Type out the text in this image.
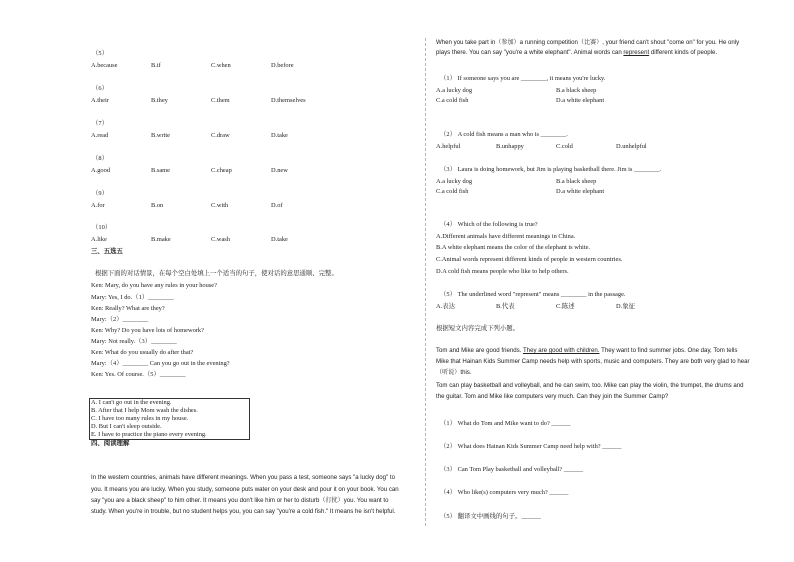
（5）
A.because	B.if	C.when	D.before
（6）
A.their	B.they	C.them	D.themselves
（7）
A.read	B.write	C.draw	D.take
（8）
A.good	B.same	C.cheap	D.new
（9）
A.for	B.on	C.with	D.of
（10）
A.like	B.make	C.wash	D.take
三、五选五
根据下面的对话情景，在每个空白处填上一个适当的句子，使对话的意思通顺、完整。
Ken: Mary, do you have any rules in your house?
Mary: Yes, I do.（1）________
Ken: Really? What are they?
Mary:（2）________
Ken: Why? Do you have lots of homework?
Mary: Not really.（3）________
Ken: What do you usually do after that?
Mary:（4）________ Can you go out in the evening?
Ken: Yes. Of course.（5）________
A. I can't go out in the evening.
B. After that I help Mom wash the dishes.
C. I have too many rules in my house.
D. But I can't sleep outside.
E. I have to practice the piano every evening.
四、阅读理解
In the western countries, animals have different meanings. When you pass a test, someone says "a lucky dog" to
you. It means you are lucky. When you study, someone puts water on your desk and pour it on your book. You can
say "you are a black sheep" to him other. It means you don't like him or her to disturb（打扰）you. You want to
study. When you're in trouble, but no student helps you, you can say "you're a cold fish." It means he isn't helpful.
When you take part in（参加）a running competition（比赛）, your friend can't shout "come on" for you. He only
plays there. You can say "you're a white elephant". Animal words can represent different kinds of people.
（1） If someone says you are ________, it means you're lucky.
A.a lucky dog	B.a black sheep
C.a cold fish	D.a white elephant
（2） A cold fish means a man who is ________.
A.helpful	B.unhappy	C.cold	D.unhelpful
（3） Laura is doing homework, but Jim is playing basketball there. Jim is ________.
A.a lucky dog	B.a black sheep
C.a cold fish	D.a white elephant
（4） Which of the following is true?
A.Different animals have different meanings in China.
B.A white elephant means the color of the elephant is white.
C.Animal words represent different kinds of people in western countries.
D.A cold fish means people who like to help others.
（5） The underlined word "represent" means ________ in the passage.
A.表达	B.代表	C.陈述	D.象征
根据短文内容完成下列小题。
Tom and Mike are good friends. They are good with children. They want to find summer jobs. One day, Tom tells
Mike that Hainan Kids Summer Camp needs help with sports, music and computers. They are both very glad to hear
（听说）this.
Tom can play basketball and volleyball, and he can swim, too. Mike can play the violin, the trumpet, the drums and
the guitar. Tom and Mike like computers very much. Can they join the Summer Camp?
（1） What do Tom and Mike want to do? ______
（2） What does Hainan Kids Summer Camp need help with? ______
（3） Can Tom Play basketball and volleyball? ______
（4） Who like(s) computers very much? ______
（5） 翻译文中画线的句子。______
